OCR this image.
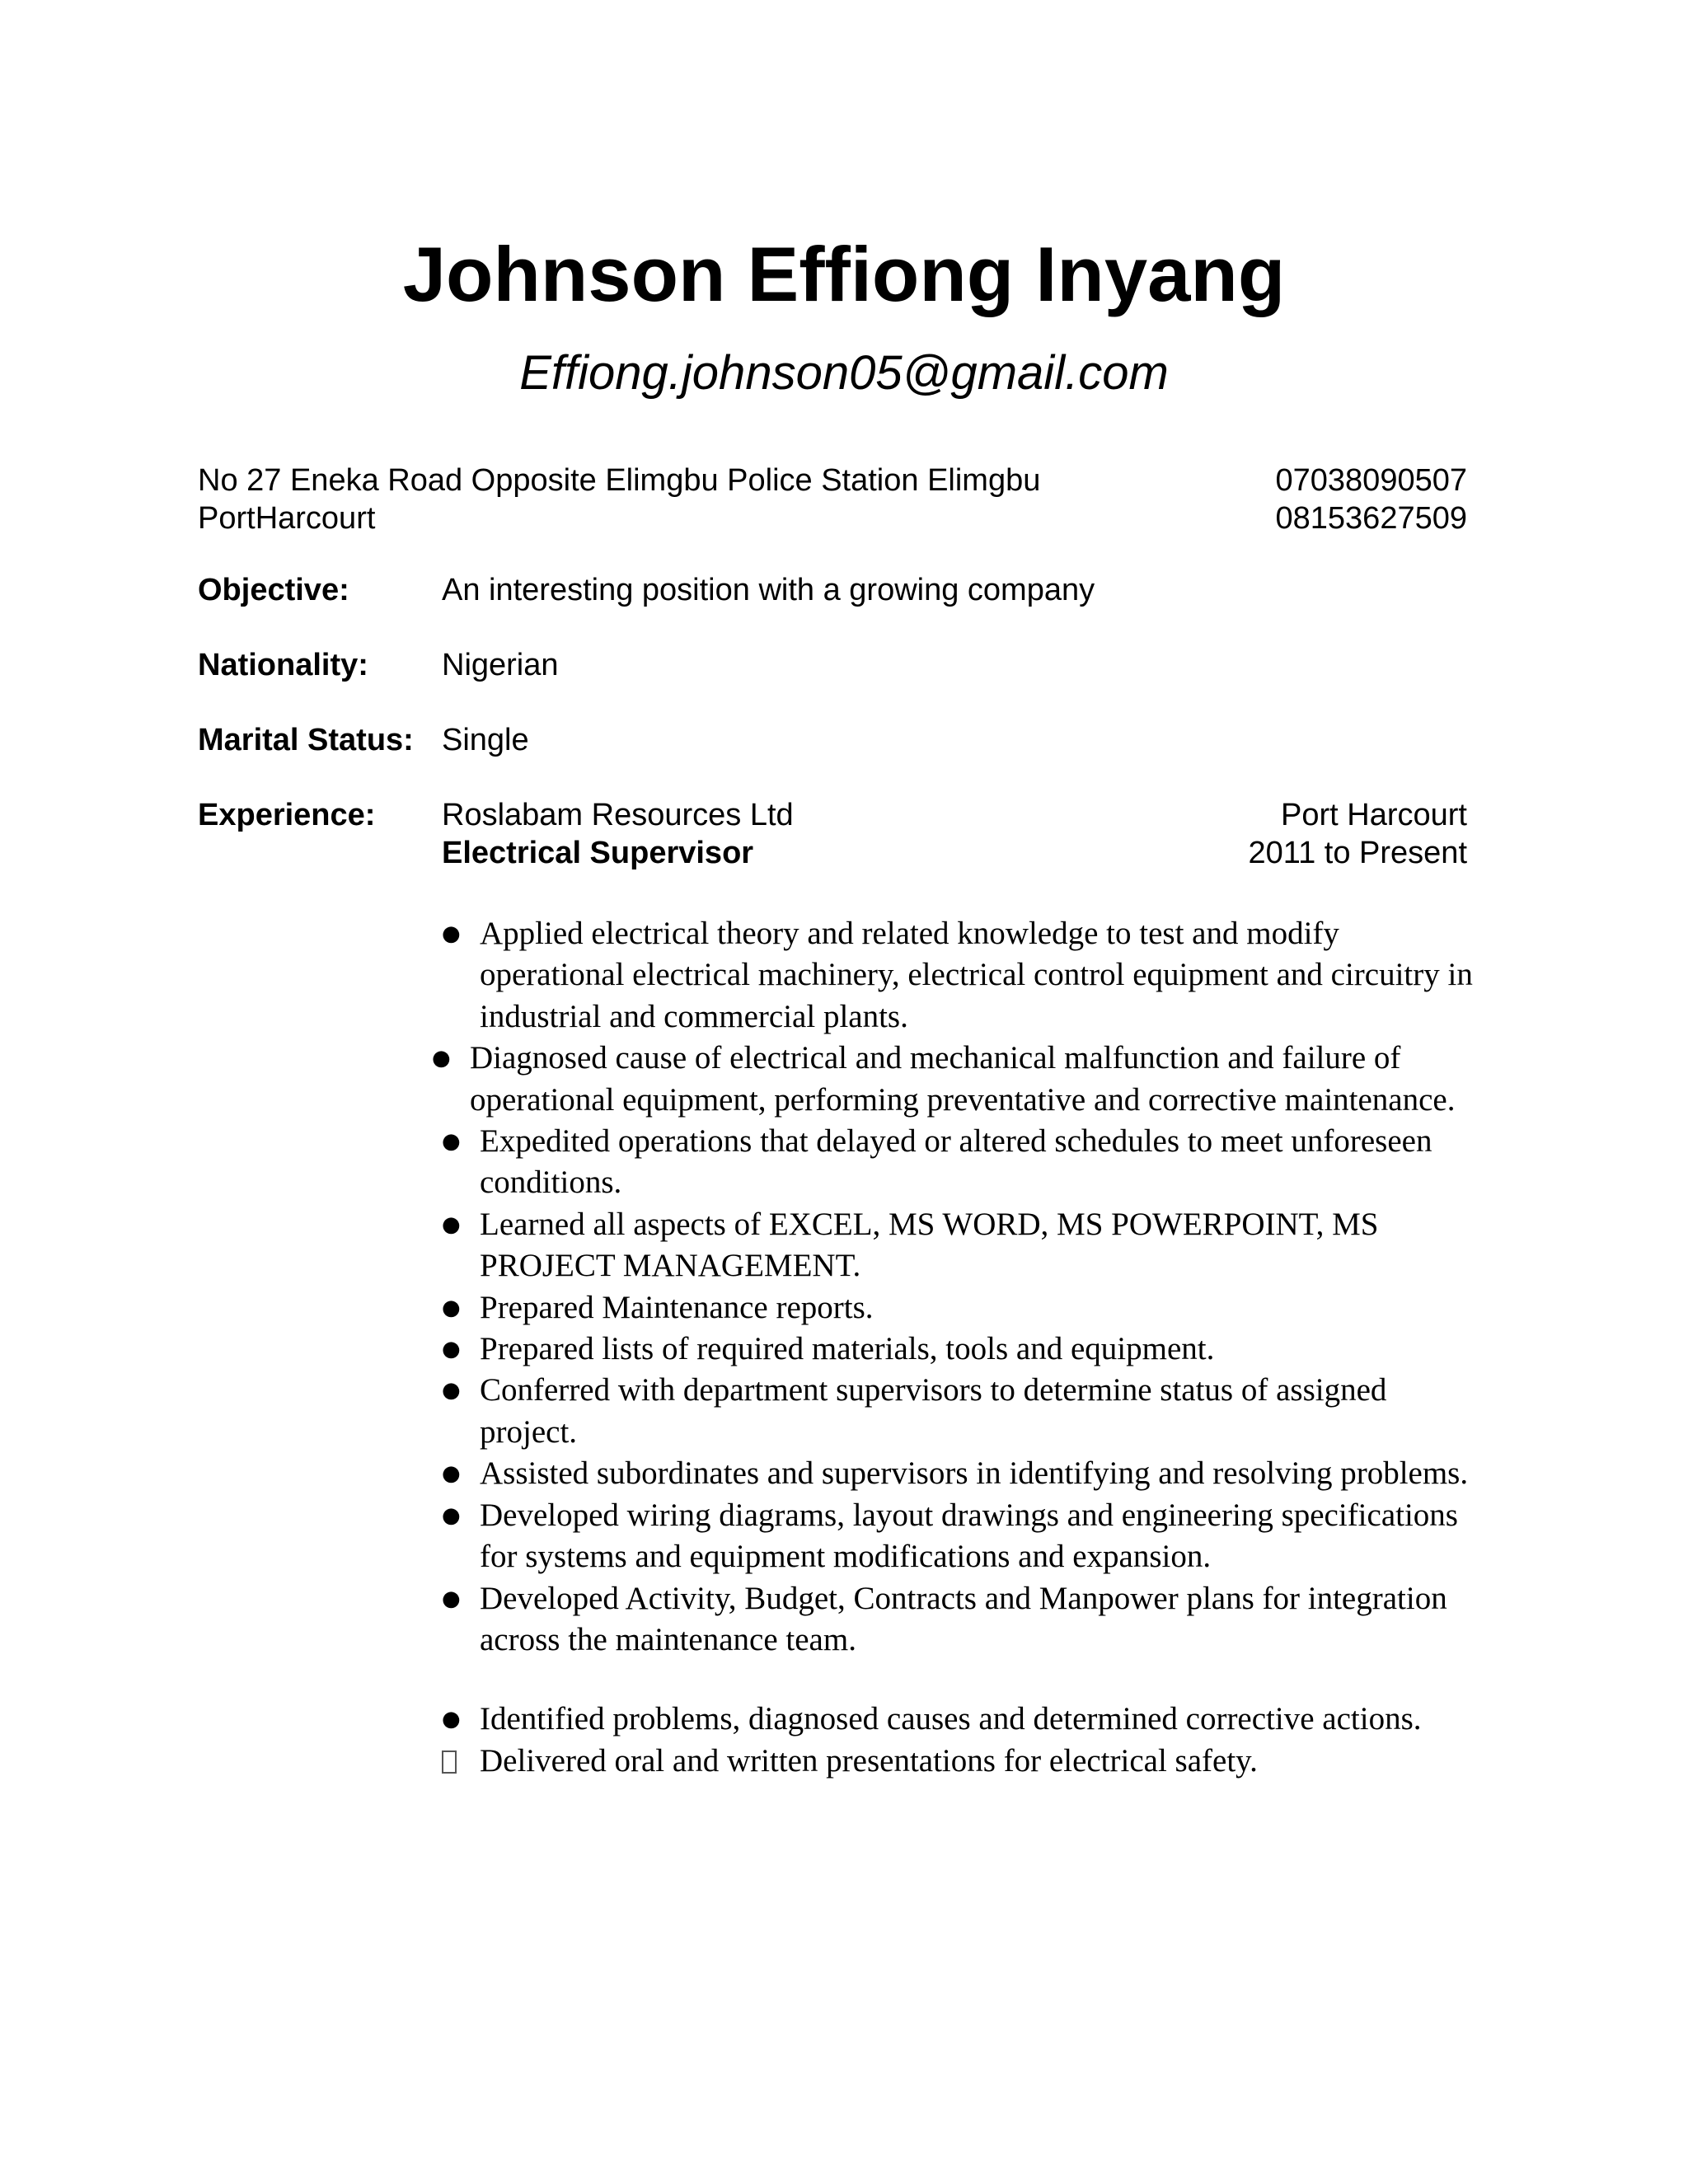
Johnson Effiong Inyang
Effiong.johnson05@gmail.com
No 27 Eneka Road Opposite Elimgbu Police Station Elimgbu
PortHarcourt
07038090507
08153627509
Objective:	An interesting position with a growing company
Nationality: Nigerian
Marital Status: Single
Experience: Roslabam Resources Ltd
Electrical Supervisor
Port Harcourt
2011 to Present
● Applied electrical theory and related knowledge to test and modify operational electrical machinery, electrical control equipment and circuitry in industrial and commercial plants.
● Diagnosed cause of electrical and mechanical malfunction and failure of operational equipment, performing preventative and corrective maintenance.
● Expedited operations that delayed or altered schedules to meet unforeseen conditions.
● Learned all aspects of EXCEL, MS WORD, MS POWERPOINT, MS PROJECT MANAGEMENT.
● Prepared Maintenance reports.
● Prepared lists of required materials, tools and equipment.
● Conferred with department supervisors to determine status of assigned project.
● Assisted subordinates and supervisors in identifying and resolving problems.
● Developed wiring diagrams, layout drawings and engineering specifications for systems and equipment modifications and expansion.
● Developed Activity, Budget, Contracts and Manpower plans for integration across the maintenance team.
● Identified problems, diagnosed causes and determined corrective actions.
Delivered oral and written presentations for electrical safety.
